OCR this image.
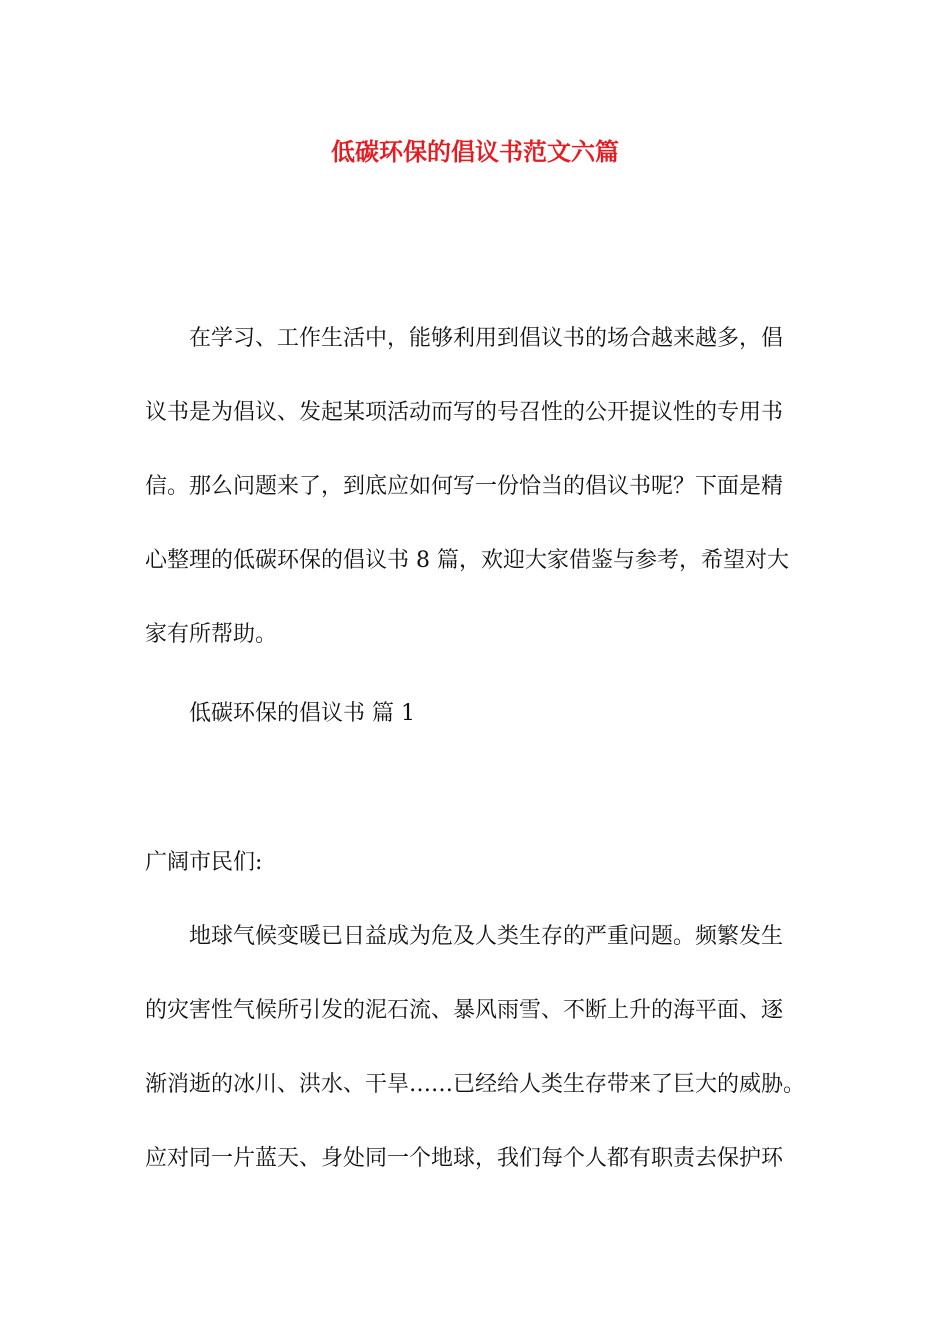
低碳环保的倡议书范文六篇

在学习、工作生活中，能够利用到倡议书的场合越来越多，倡
议书是为倡议、发起某项活动而写的号召性的公开提议性的专用书
信。那么问题来了，到底应如何写一份恰当的倡议书呢？下面是精
心整理的低碳环保的倡议书 8 篇，欢迎大家借鉴与参考，希望对大
家有所帮助。

低碳环保的倡议书 篇 1

广阔市民们:

地球气候变暖已日益成为危及人类生存的严重问题。频繁发生
的灾害性气候所引发的泥石流、暴风雨雪、不断上升的海平面、逐
渐消逝的冰川、洪水、干旱……已经给人类生存带来了巨大的威胁。
应对同一片蓝天、身处同一个地球，我们每个人都有职责去保护环
